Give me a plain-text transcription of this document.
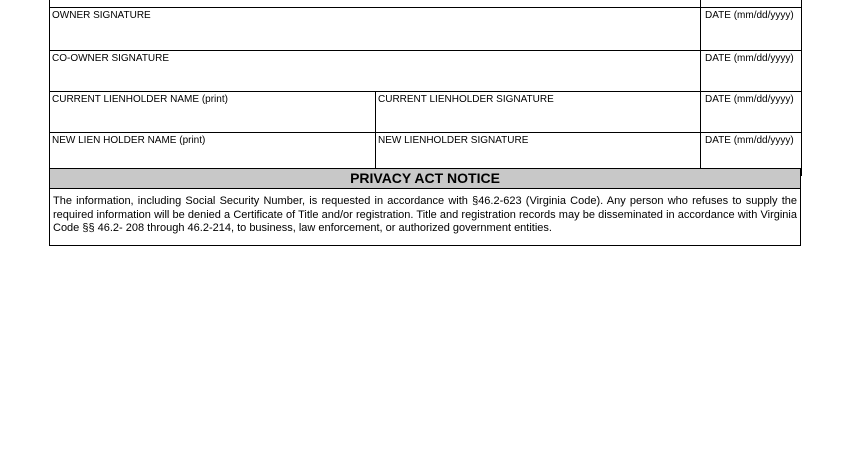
OWNER SIGNATURE		DATE (mm/dd/yyyy)

CO-OWNER SIGNATURE		DATE (mm/dd/yyyy)

CURRENT LIENHOLDER NAME (print)	CURRENT LIENHOLDER SIGNATURE	DATE (mm/dd/yyyy)

NEW LIEN HOLDER NAME (print)	NEW LIENHOLDER SIGNATURE	DATE (mm/dd/yyyy)
PRIVACY ACT NOTICE
The information, including Social Security Number, is requested in accordance with §46.2-623 (Virginia Code). Any person who refuses to supply the required information will be denied a Certificate of Title and/or registration. Title and registration records may be disseminated in accordance with Virginia Code §§ 46.2- 208 through 46.2-214, to business, law enforcement, or authorized government entities.
